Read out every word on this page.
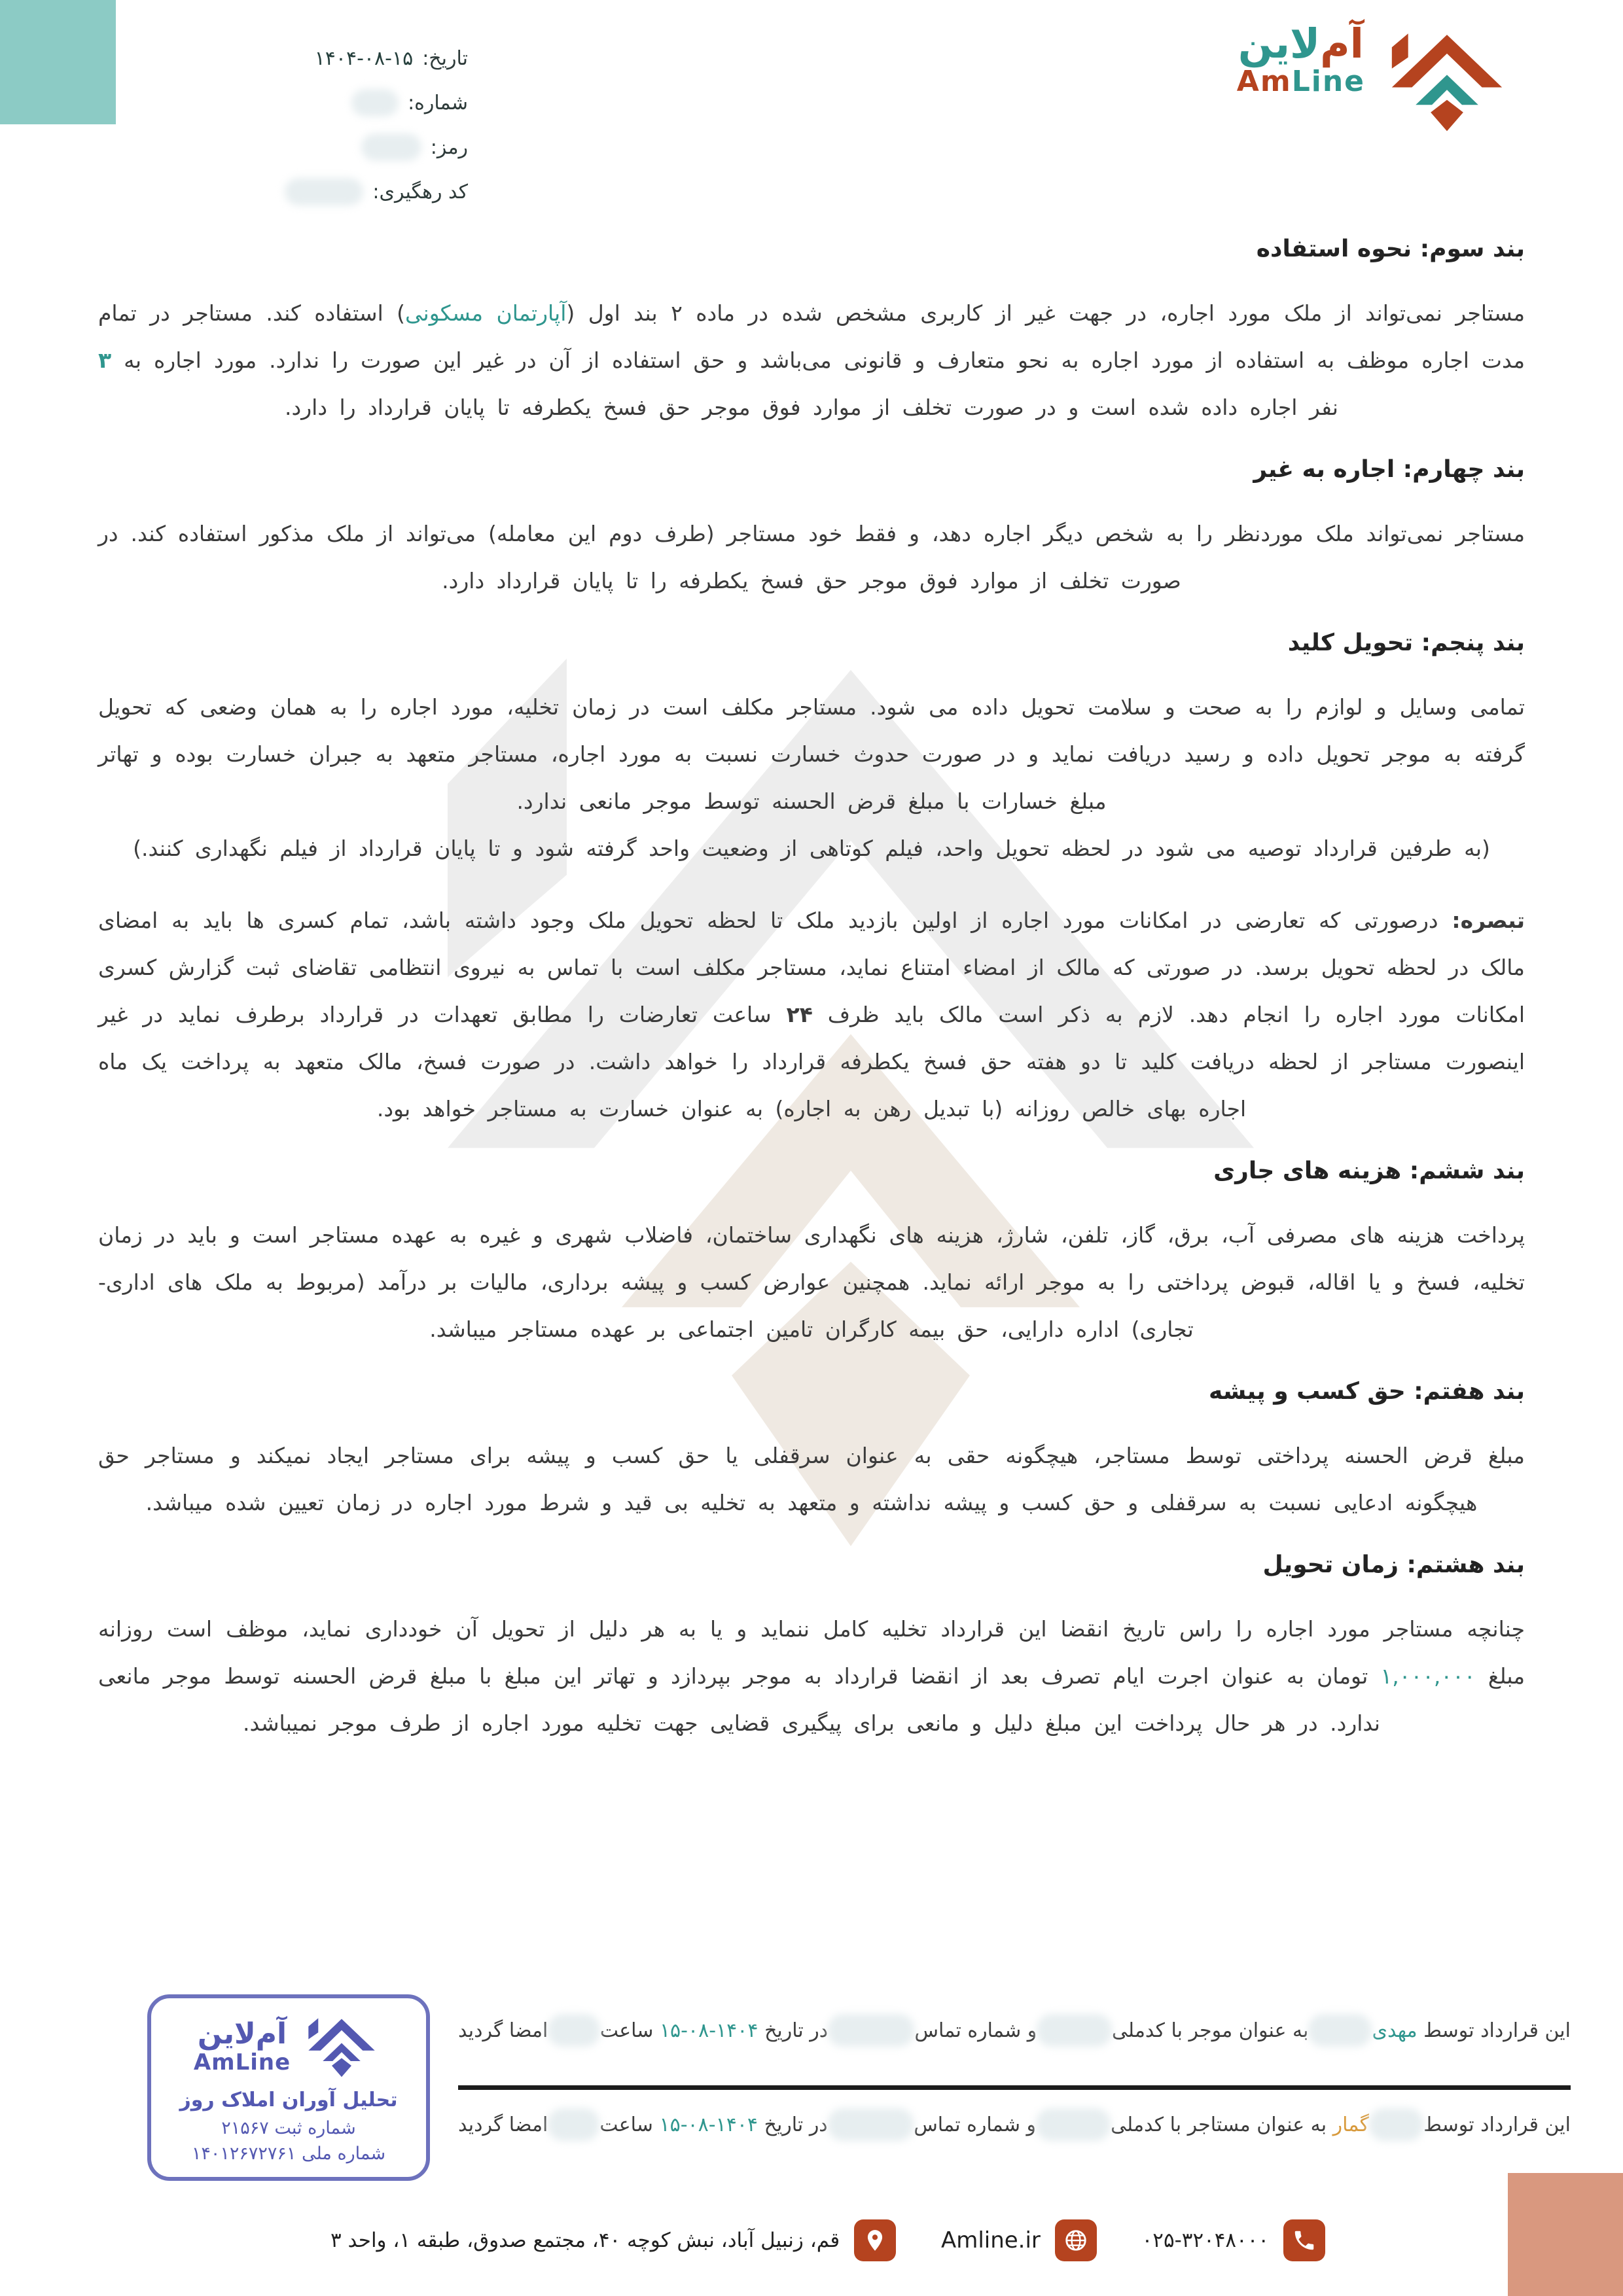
تاریخ:
۱۴۰۴-۰۸-۱۵
شماره:
رمز:
کد رهگیری:
آم‌لاین
AmLine
بند سوم: نحوه استفاده

مستاجر نمی‌تواند از ملک مورد اجاره، در جهت غیر از کاربری مشخص شده در ماده ۲ بند اول (آپارتمان مسکونی) استفاده کند. مستاجر در تمام مدت اجاره موظف به استفاده از مورد اجاره به نحو متعارف و قانونی می‌باشد و حق استفاده از آن در غیر این صورت را ندارد. مورد اجاره به ۳ نفر اجاره داده شده است و در صورت تخلف از موارد فوق موجر حق فسخ یکطرفه تا پایان قرارداد را دارد.

بند چهارم: اجاره به غیر

مستاجر نمی‌تواند ملک موردنظر را به شخص دیگر اجاره دهد، و فقط خود مستاجر (طرف دوم این معامله) می‌تواند از ملک مذکور استفاده کند. در صورت تخلف از موارد فوق موجر حق فسخ یکطرفه را تا پایان قرارداد دارد.

بند پنجم: تحویل کلید

تمامی وسایل و لوازم را به صحت و سلامت تحویل داده می شود. مستاجر مکلف است در زمان تخلیه، مورد اجاره را به همان وضعی که تحویل گرفته به موجر تحویل داده و رسید دریافت نماید و در صورت حدوث خسارت نسبت به مورد اجاره، مستاجر متعهد به جبران خسارت بوده و تهاتر مبلغ خسارات با مبلغ قرض الحسنه توسط موجر مانعی ندارد.

(به طرفین قرارداد توصیه می شود در لحظه تحویل واحد، فیلم کوتاهی از وضعیت واحد گرفته شود و تا پایان قرارداد از فیلم نگهداری کنند.)

تبصره: درصورتی که تعارضی در امکانات مورد اجاره از اولین بازدید ملک تا لحظه تحویل ملک وجود داشته باشد، تمام کسری ها باید به امضای مالک در لحظه تحویل برسد. در صورتی که مالک از امضاء امتناع نماید، مستاجر مکلف است با تماس به نیروی انتظامی تقاضای ثبت گزارش کسری امکانات مورد اجاره را انجام دهد. لازم به ذکر است مالک باید ظرف ۲۴ ساعت تعارضات را مطابق تعهدات در قرارداد برطرف نماید در غیر اینصورت مستاجر از لحظه دریافت کلید تا دو هفته حق فسخ یکطرفه قرارداد را خواهد داشت. در صورت فسخ، مالک متعهد به پرداخت یک ماه اجاره بهای خالص روزانه (با تبدیل رهن به اجاره) به عنوان خسارت به مستاجر خواهد بود.

بند ششم: هزینه های جاری

پرداخت هزینه های مصرفی آب، برق، گاز، تلفن، شارژ، هزینه های نگهداری ساختمان، فاضلاب شهری و غیره به عهده مستاجر است و باید در زمان تخلیه، فسخ و یا اقاله، قبوض پرداختی را به موجر ارائه نماید. همچنین عوارض کسب و پیشه برداری، مالیات بر درآمد (مربوط به ملک های اداری-تجاری) اداره دارایی، حق بیمه کارگران تامین اجتماعی بر عهده مستاجر میباشد.

بند هفتم: حق کسب و پیشه

مبلغ قرض الحسنه پرداختی توسط مستاجر، هیچگونه حقی به عنوان سرقفلی یا حق کسب و پیشه برای مستاجر ایجاد نمیکند و مستاجر حق هیچگونه ادعایی نسبت به سرقفلی و حق کسب و پیشه نداشته و متعهد به تخلیه بی قید و شرط مورد اجاره در زمان تعیین شده میباشد.

بند هشتم: زمان تحویل

چنانچه مستاجر مورد اجاره را راس تاریخ انقضا این قرارداد تخلیه کامل ننماید و یا به هر دلیل از تحویل آن خودداری نماید، موظف است روزانه مبلغ ۱,۰۰۰,۰۰۰ تومان به عنوان اجرت ایام تصرف بعد از انقضا قرارداد به موجر بپردازد و تهاتر این مبلغ با مبلغ قرض الحسنه توسط موجر مانعی ندارد. در هر حال پرداخت این مبلغ دلیل و مانعی برای پیگیری قضایی جهت تخلیه مورد اجاره از طرف موجر نمیباشد.

این قرارداد توسط مهدی
به عنوان موجر با کدملی
و شماره تماس
در تاریخ ۱۴۰۴-۰۸-۱۵ ساعت
امضا گردید
این قرارداد توسط
گمار به عنوان مستاجر با کدملی
و شماره تماس
در تاریخ ۱۴۰۴-۰۸-۱۵ ساعت
امضا گردید
آم‌لاین
AmLine
تحلیل آوران املاک روز
شماره ثبت ۲۱۵۶۷
شماره ملی ۱۴۰۱۲۶۷۲۷۶۱
۰۲۵-۳۲۰۴۸۰۰۰
Amline.ir
قم، زنبیل آباد، نبش کوچه ۴۰، مجتمع صدوق، طبقه ۱، واحد ۳
